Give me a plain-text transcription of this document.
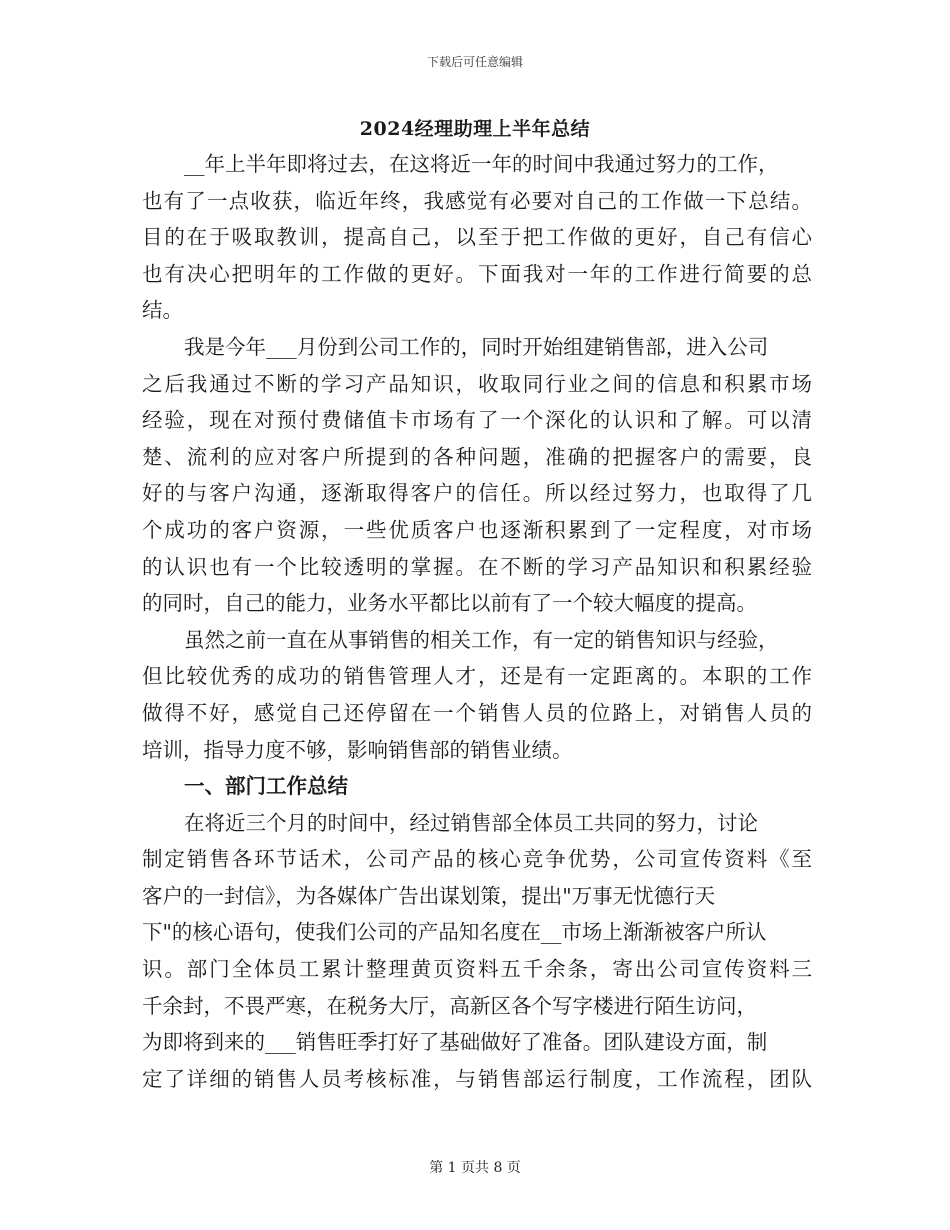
下载后可任意编辑
2024经理助理上半年总结
__年上半年即将过去，在这将近一年的时间中我通过努力的工作，
也有了一点收获，临近年终，我感觉有必要对自己的工作做一下总结。
目的在于吸取教训，提高自己，以至于把工作做的更好，自己有信心
也有决心把明年的工作做的更好。下面我对一年的工作进行简要的总
结。
我是今年___月份到公司工作的，同时开始组建销售部，进入公司
之后我通过不断的学习产品知识，收取同行业之间的信息和积累市场
经验，现在对预付费储值卡市场有了一个深化的认识和了解。可以清
楚、流利的应对客户所提到的各种问题，准确的把握客户的需要，良
好的与客户沟通，逐渐取得客户的信任。所以经过努力，也取得了几
个成功的客户资源，一些优质客户也逐渐积累到了一定程度，对市场
的认识也有一个比较透明的掌握。在不断的学习产品知识和积累经验
的同时，自己的能力，业务水平都比以前有了一个较大幅度的提高。
虽然之前一直在从事销售的相关工作，有一定的销售知识与经验，
但比较优秀的成功的销售管理人才，还是有一定距离的。本职的工作
做得不好，感觉自己还停留在一个销售人员的位路上，对销售人员的
培训，指导力度不够，影响销售部的销售业绩。
一、部门工作总结
在将近三个月的时间中，经过销售部全体员工共同的努力，讨论
制定销售各环节话术，公司产品的核心竞争优势，公司宣传资料《至
客户的一封信》，为各媒体广告出谋划策，提出"万事无忧德行天
下"的核心语句，使我们公司的产品知名度在__市场上渐渐被客户所认
识。部门全体员工累计整理黄页资料五千余条，寄出公司宣传资料三
千余封，不畏严寒，在税务大厅，高新区各个写字楼进行陌生访问，
为即将到来的___销售旺季打好了基础做好了准备。团队建设方面，制
定了详细的销售人员考核标准，与销售部运行制度，工作流程，团队
第 1 页共 8 页
